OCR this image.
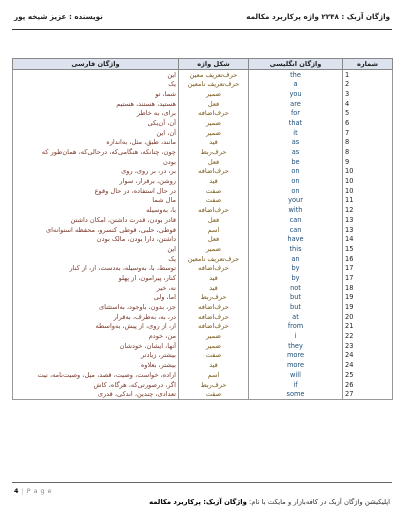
واژگان آزبک : ۲۲۴۸ واژه پرکاربرد مکالمه
نویسنده : عزیز شیخه پور
واژگان فارسی	شکل واژه	واژگان انگلیسی	شماره
این	حرف‌تعریف معین	the	1
یک	حرف‌تعریف نامعین	a	2
شما، تو	ضمیر	you	3
هستید، هستند، هستیم	فعل	are	4
برای، به خاطر	حرف‌اضافه	for	5
آن، آن‌یکی	ضمیر	that	6
آن، این	ضمیر	it	7
مانند، طبق، مثل، به‌اندازه	قید	as	8
چون، چنانکه، هنگامی‌که، درحالی‌که، همان‌طور که	حرف‌ربط	as	8
بودن	فعل	be	9
بر، در، بر روی، روی	حرف‌اضافه	on	10
روشن، برقرار، سوار	قید	on	10
در حال استفاده، در حال وقوع	صفت	on	10
مال شما	صفت	your	11
با، به‌وسیله	حرف‌اضافه	with	12
قادر بودن، قدرت داشتن، امکان داشتن	فعل	can	13
قوطی، حلبی، قوطی کنسرو، محفظه استوانه‌ای	اسم	can	13
داشتن، دارا بودن، مالک بودن	فعل	have	14
این	ضمیر	this	15
یک	حرف‌تعریف نامعین	an	16
توسط، با، به‌وسیله، به‌دست، از، از کنار	حرف‌اضافه	by	17
کنار، پیرامون، از پهلو	قید	by	17
نه، خیر	قید	not	18
اما، ولی	حرف‌ربط	but	19
جز، بدون، باوجود، به‌استثنای	حرف‌اضافه	but	19
در، به، به‌طرف، به‌قرار	حرف‌اضافه	at	20
از، از روی، از پیش، به‌واسطه	حرف‌اضافه	from	21
من، خودم	ضمیر	i	22
آنها، ایشان، خودشان	ضمیر	they	23
بیشتر، زیادتر	صفت	more	24
بیشتر، بعلاوه	قید	more	24
اراده، خواست، وصیت، قصد، میل، وصیت‌نامه، نیت	اسم	will	25
اگر، درصورتی‌که، هرگاه، کاش	حرف‌ربط	if	26
تعدادی، چندین، اندکی، قدری	صفت	some	27
4 | P a g e
اپلیکیشن واژگان آزبک در کافه‌بازار و مایکت با نام: واژگان آزبک: پرکاربرد مکالمه
